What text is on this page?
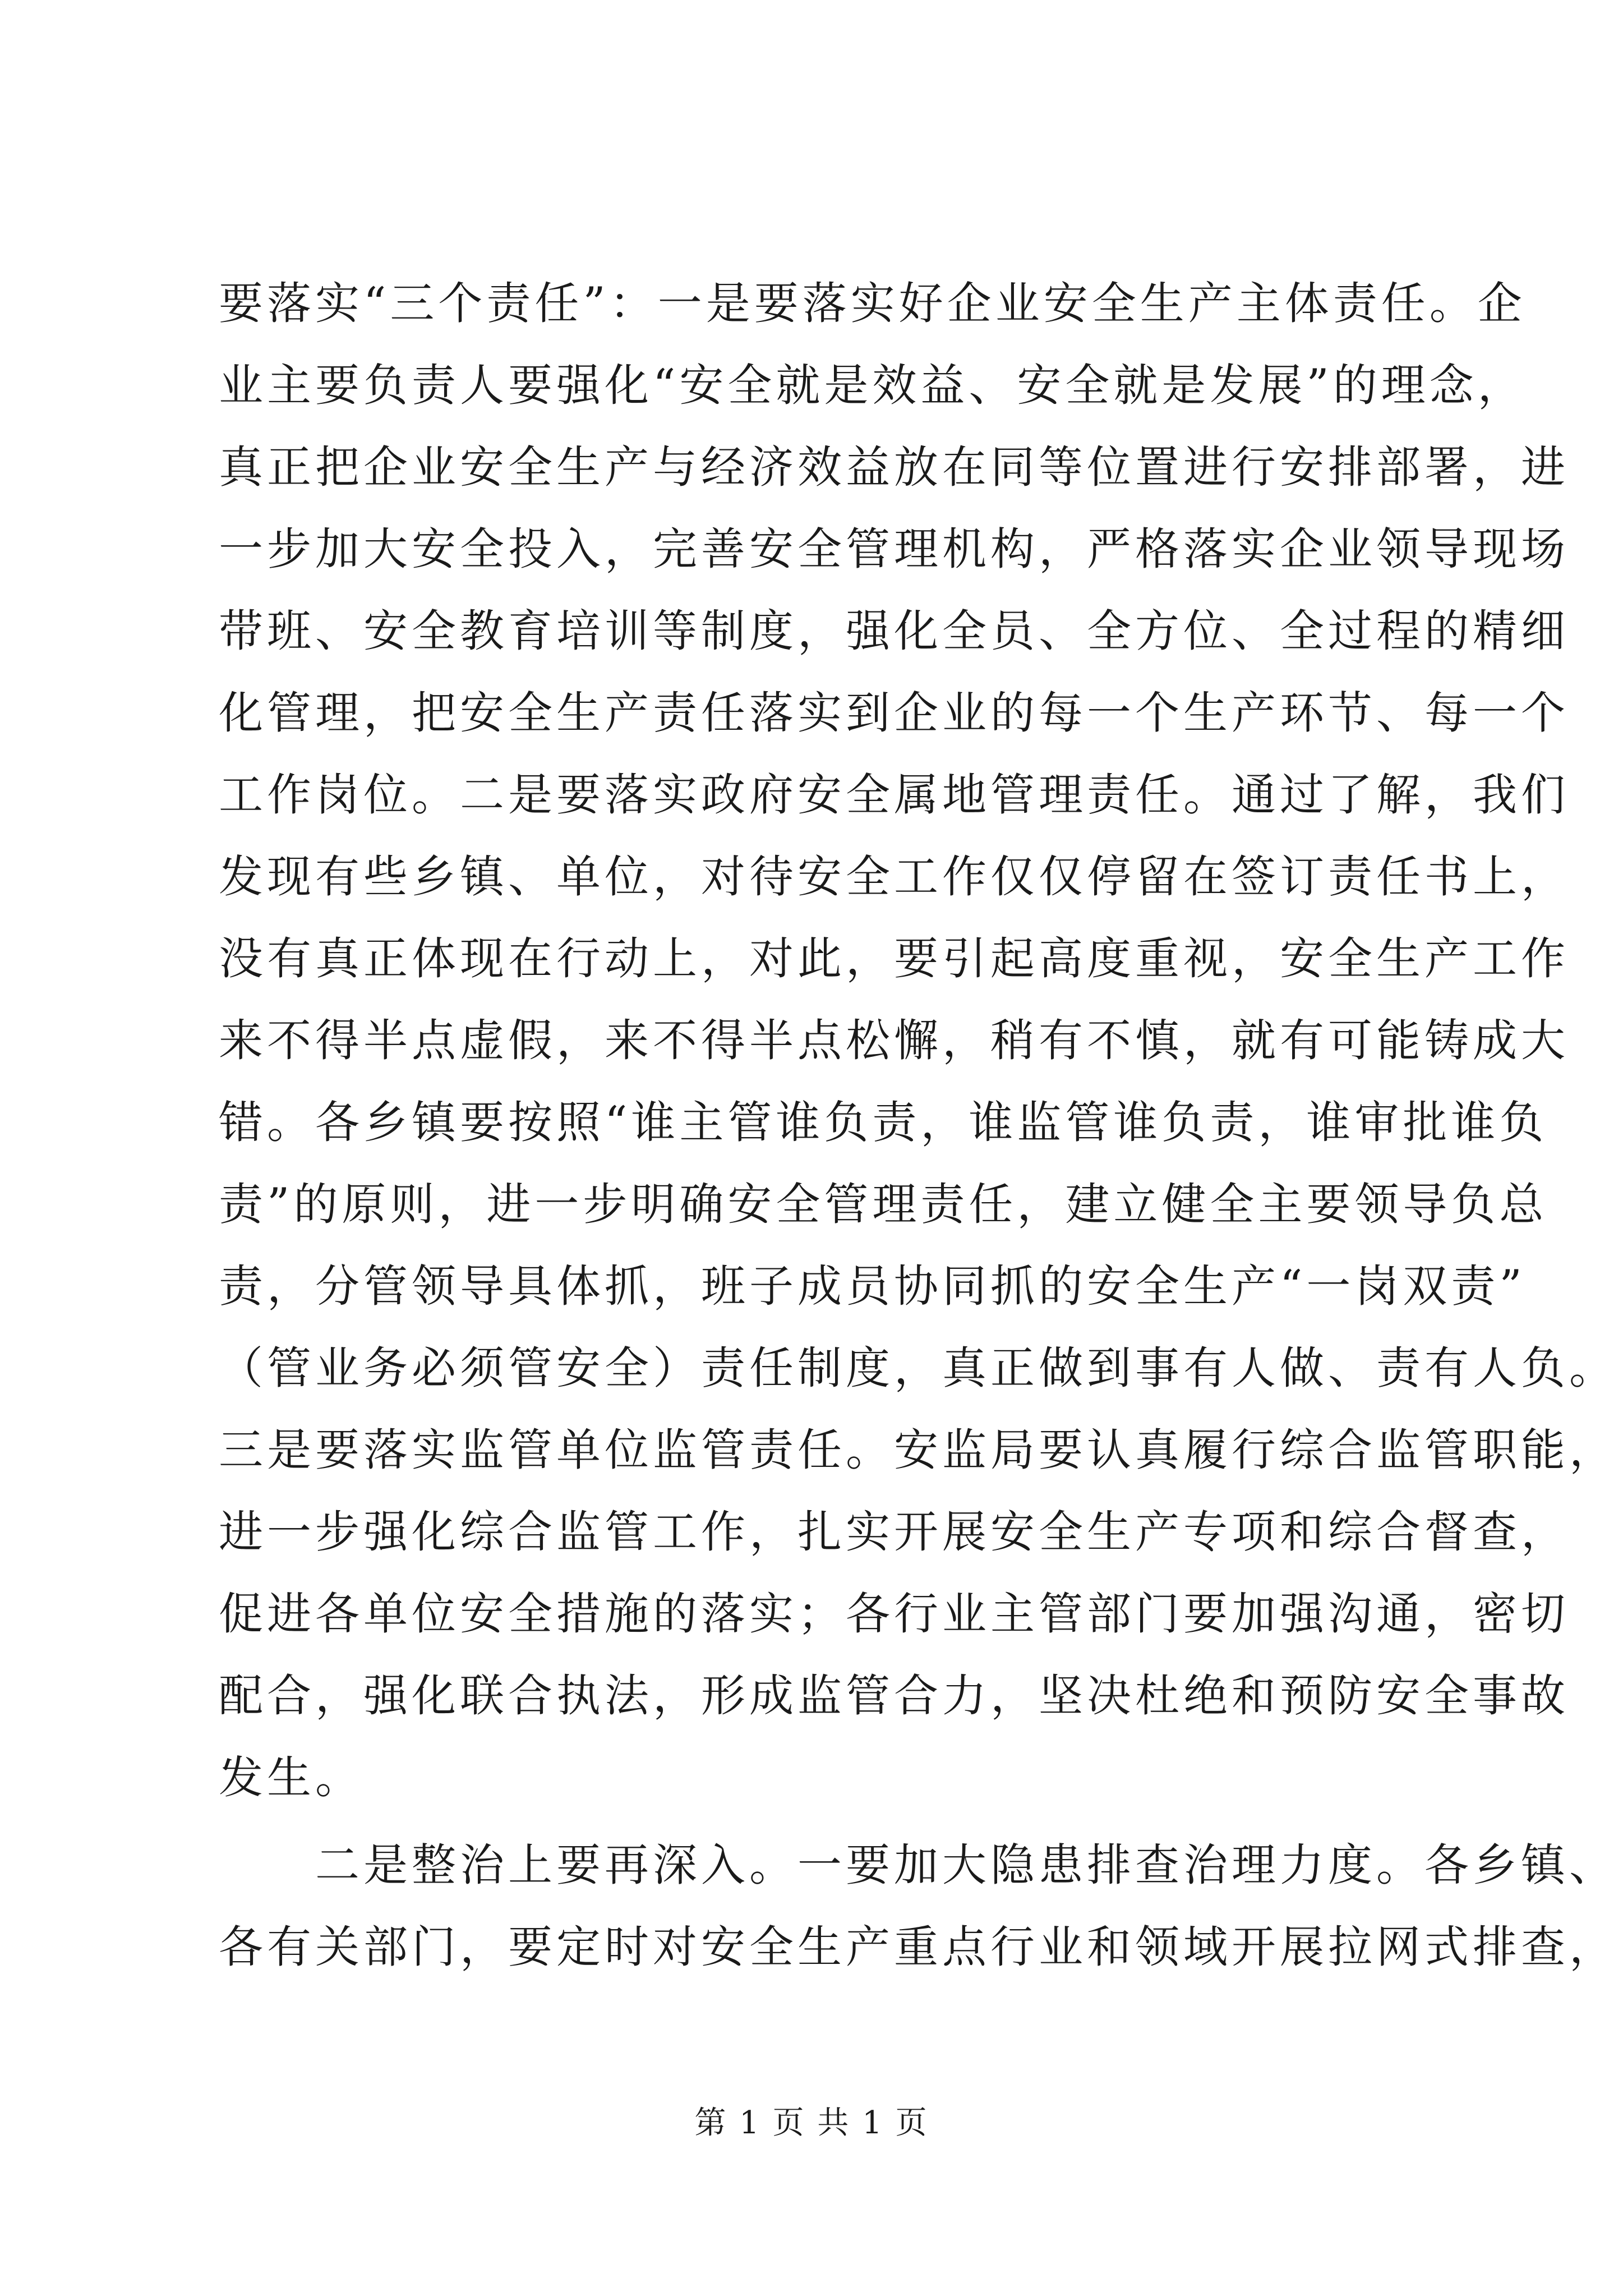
要落实“三个责任”：一是要落实好企业安全生产主体责任。企
业主要负责人要强化“安全就是效益、安全就是发展”的理念，
真正把企业安全生产与经济效益放在同等位置进行安排部署，进
一步加大安全投入，完善安全管理机构，严格落实企业领导现场
带班、安全教育培训等制度，强化全员、全方位、全过程的精细
化管理，把安全生产责任落实到企业的每一个生产环节、每一个
工作岗位。二是要落实政府安全属地管理责任。通过了解，我们
发现有些乡镇、单位，对待安全工作仅仅停留在签订责任书上，
没有真正体现在行动上，对此，要引起高度重视，安全生产工作
来不得半点虚假，来不得半点松懈，稍有不慎，就有可能铸成大
错。各乡镇要按照“谁主管谁负责，谁监管谁负责，谁审批谁负
责”的原则，进一步明确安全管理责任，建立健全主要领导负总
责，分管领导具体抓，班子成员协同抓的安全生产“一岗双责”
（管业务必须管安全）责任制度，真正做到事有人做、责有人负。
三是要落实监管单位监管责任。安监局要认真履行综合监管职能，
进一步强化综合监管工作，扎实开展安全生产专项和综合督查，
促进各单位安全措施的落实；各行业主管部门要加强沟通，密切
配合，强化联合执法，形成监管合力，坚决杜绝和预防安全事故
发生。
　　二是整治上要再深入。一要加大隐患排查治理力度。各乡镇、
各有关部门，要定时对安全生产重点行业和领域开展拉网式排查，
第 1 页 共 1 页
